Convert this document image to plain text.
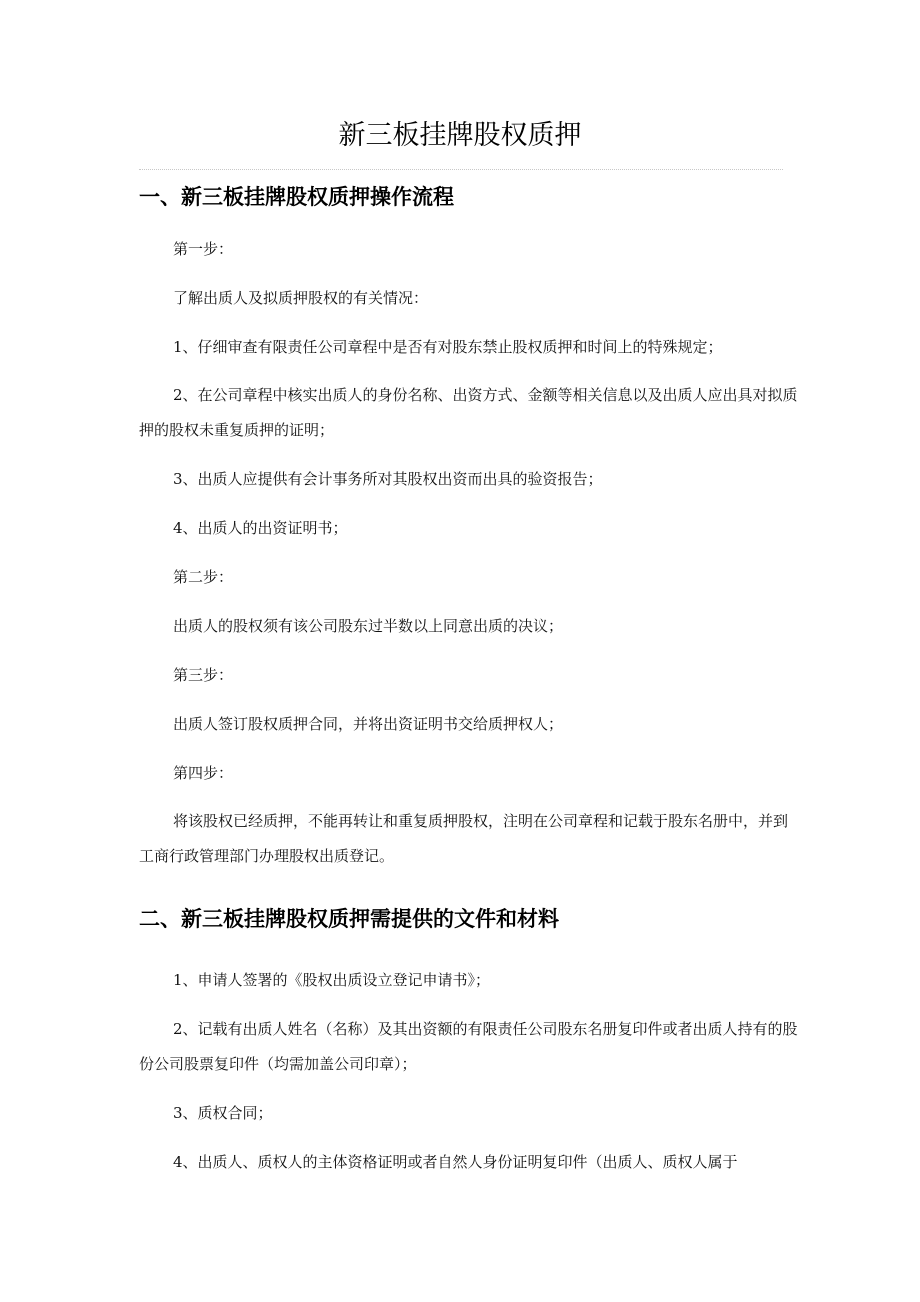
新三板挂牌股权质押
一、新三板挂牌股权质押操作流程

第一步：

了解出质人及拟质押股权的有关情况：

1、仔细审查有限责任公司章程中是否有对股东禁止股权质押和时间上的特殊规定；

2、在公司章程中核实出质人的身份名称、出资方式、金额等相关信息以及出质人应出具对拟质押的股权未重复质押的证明；

3、出质人应提供有会计事务所对其股权出资而出具的验资报告；

4、出质人的出资证明书；

第二步：

出质人的股权须有该公司股东过半数以上同意出质的决议；

第三步：

出质人签订股权质押合同，并将出资证明书交给质押权人；

第四步：

将该股权已经质押，不能再转让和重复质押股权，注明在公司章程和记载于股东名册中，并到工商行政管理部门办理股权出质登记。

二、新三板挂牌股权质押需提供的文件和材料

1、申请人签署的《股权出质设立登记申请书》；

2、记载有出质人姓名（名称）及其出资额的有限责任公司股东名册复印件或者出质人持有的股份公司股票复印件（均需加盖公司印章）；

3、质权合同；

4、出质人、质权人的主体资格证明或者自然人身份证明复印件（出质人、质权人属于
